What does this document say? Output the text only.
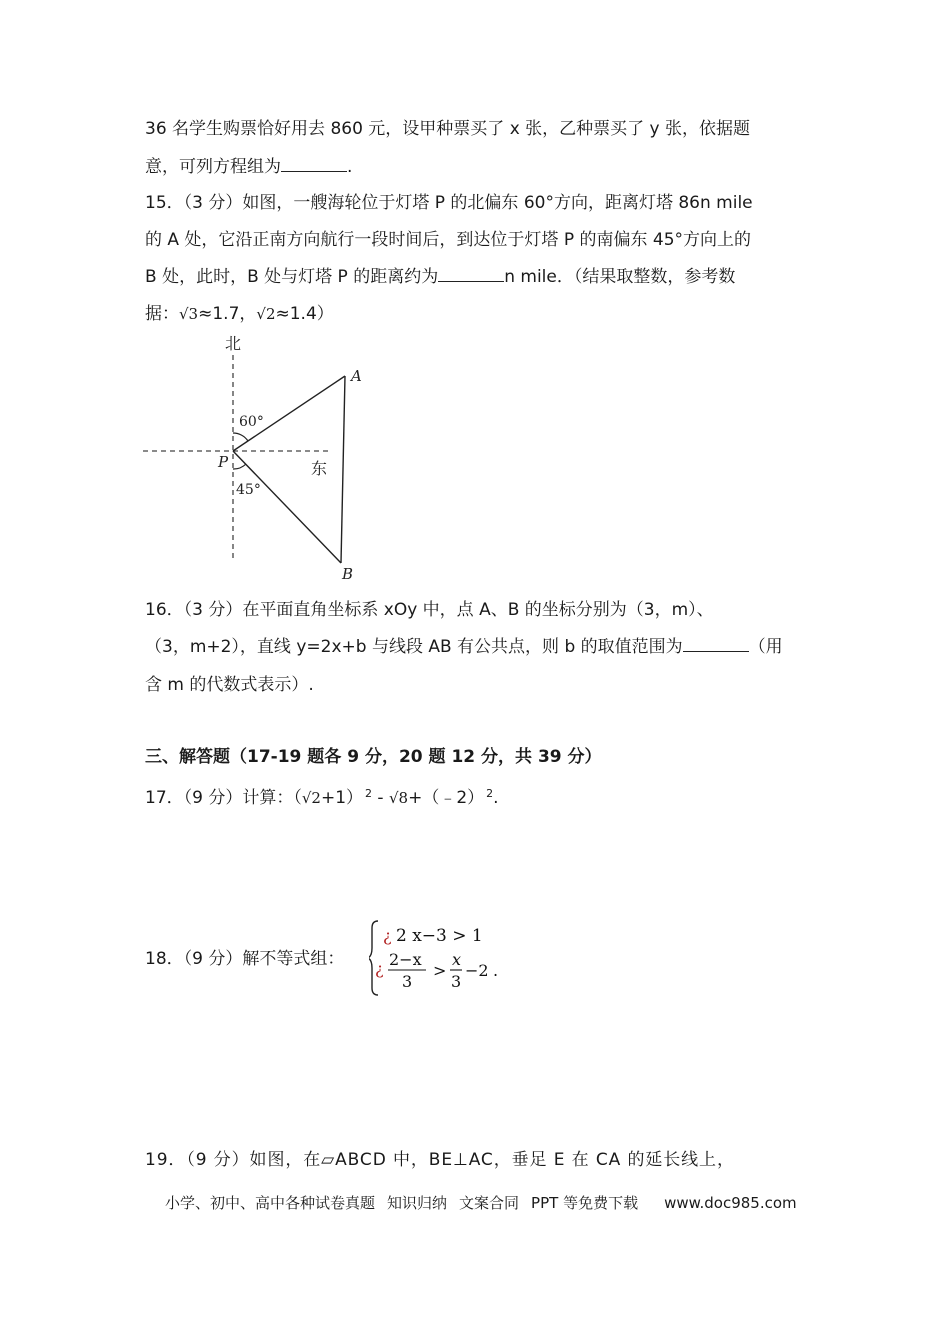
36 名学生购票恰好用去 860 元，设甲种票买了 x 张，乙种票买了 y 张，依据题
意，可列方程组为	.
15．（3 分）如图，一艘海轮位于灯塔 P 的北偏东 60°方向，距离灯塔 86n mile
的 A 处，它沿正南方向航行一段时间后，到达位于灯塔 P 的南偏东 45°方向上的
B 处，此时，B 处与灯塔 P 的距离约为	n mile．（结果取整数，参考数
据：√3≈1.7，√2≈1.4）
北
东
60°
45°
P
A
B
16．（3 分）在平面直角坐标系 xOy 中，点 A、B 的坐标分别为（3，m）、
（3，m+2），直线 y=2x+b 与线段 AB 有公共点，则 b 的取值范围为	（用
含 m 的代数式表示）.
三、解答题（17-19 题各 9 分，20 题 12 分，共 39 分）
17．（9 分）计算：（√2+1） $^2$ - √8+（﹣2） $^2$.
18．（9 分）解不等式组：
¿ 2 x−3 > 1
¿ 2−x
3
>
x
3
−2 .
19．（9 分）如图，在▱ABCD 中，BE⊥AC，垂足 E 在 CA 的延长线上，
小学、初中、高中各种试卷真题 知识归纳 文案合同 PPT 等免费下载 www.doc985.com
